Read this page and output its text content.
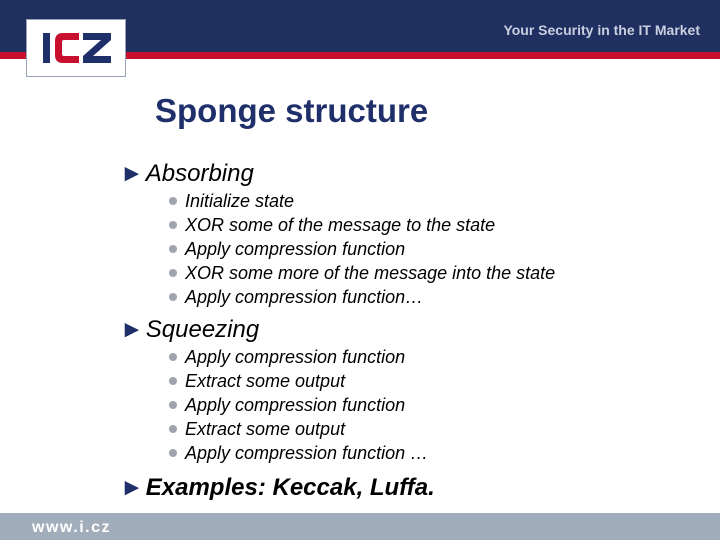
Your Security in the IT Market
Sponge structure
►Absorbing
Initialize state
XOR some of the message to the state
Apply compression function
XOR some more of the message into the state
Apply compression function…
►Squeezing
Apply compression function
Extract some output
Apply compression function
Extract some output
Apply compression function …
►Examples: Keccak, Luffa.
www.i.cz
